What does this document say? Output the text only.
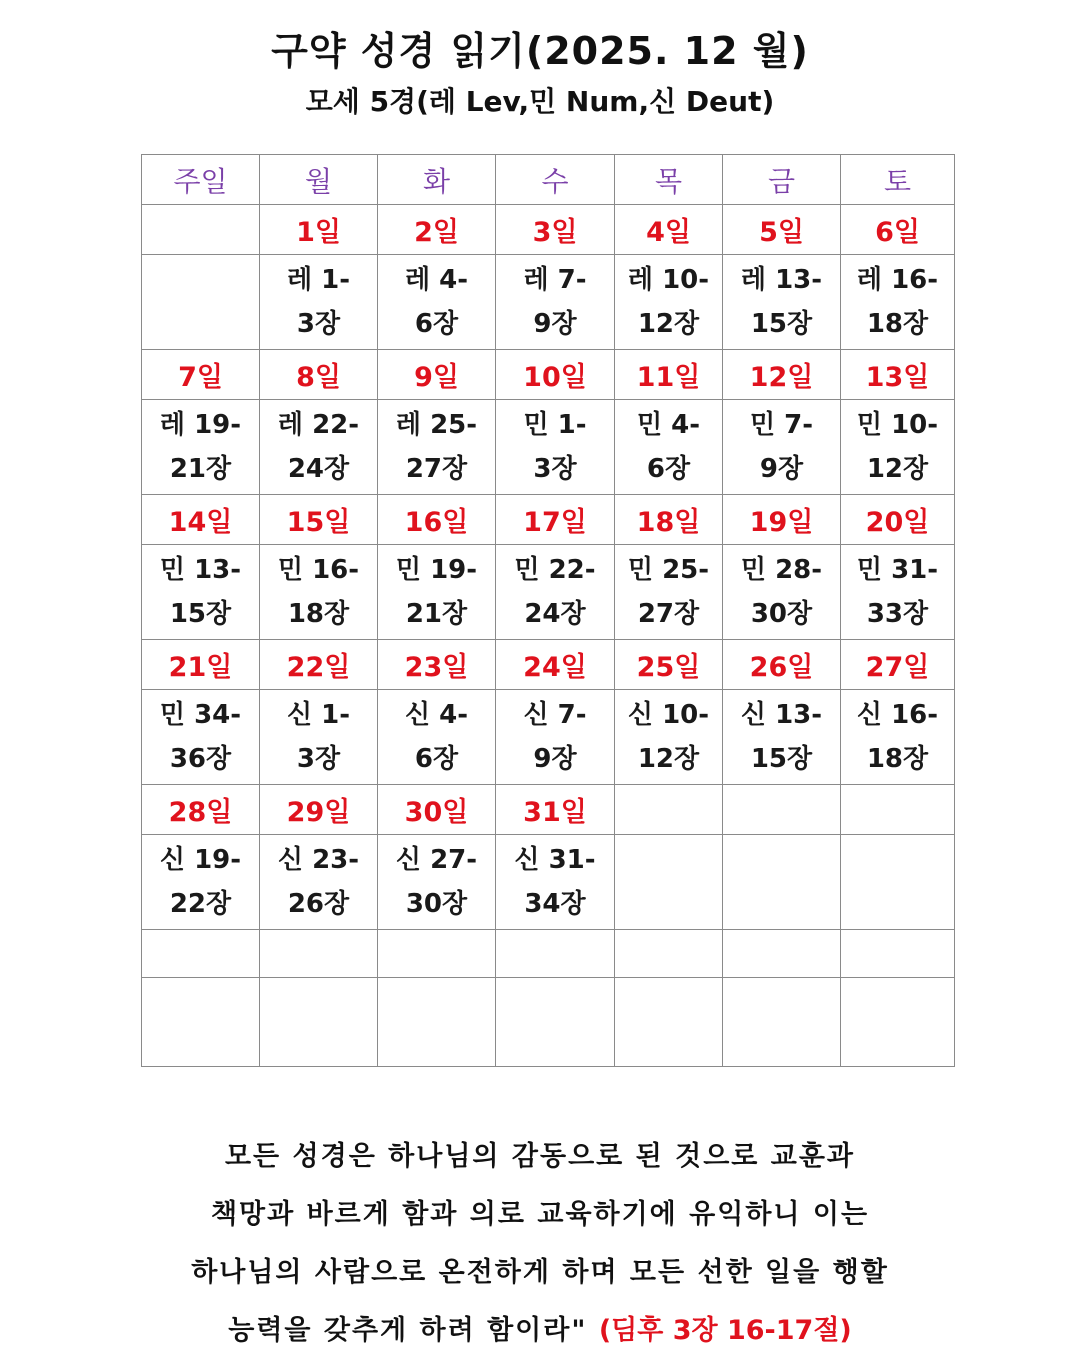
구약 성경 읽기(2025. 12 월)
모세 5경(레 Lev,민 Num,신 Deut)
주일	월	화	수	목	금	토
	1일	2일	3일	4일	5일	6일

	레 1-
3장	레 4-
6장	레 7-
9장	레 10-
12장	레 13-
15장	레 16-
18장

7일	8일	9일	10일	11일	12일	13일

레 19-
21장	레 22-
24장	레 25-
27장	민 1-
3장	민 4-
6장	민 7-
9장	민 10-
12장

14일	15일	16일	17일	18일	19일	20일

민 13-
15장	민 16-
18장	민 19-
21장	민 22-
24장	민 25-
27장	민 28-
30장	민 31-
33장

21일	22일	23일	24일	25일	26일	27일

민 34-
36장	신 1-
3장	신 4-
6장	신 7-
9장	신 10-
12장	신 13-
15장	신 16-
18장

28일	29일	30일	31일			

신 19-
22장	신 23-
26장	신 27-
30장	신 31-
34장			

모든 성경은 하나님의 감동으로 된 것으로 교훈과
책망과 바르게 함과 의로 교육하기에 유익하니 이는
하나님의 사람으로 온전하게 하며 모든 선한 일을 행할
능력을 갖추게 하려 함이라" (딤후 3장 16-17절)
